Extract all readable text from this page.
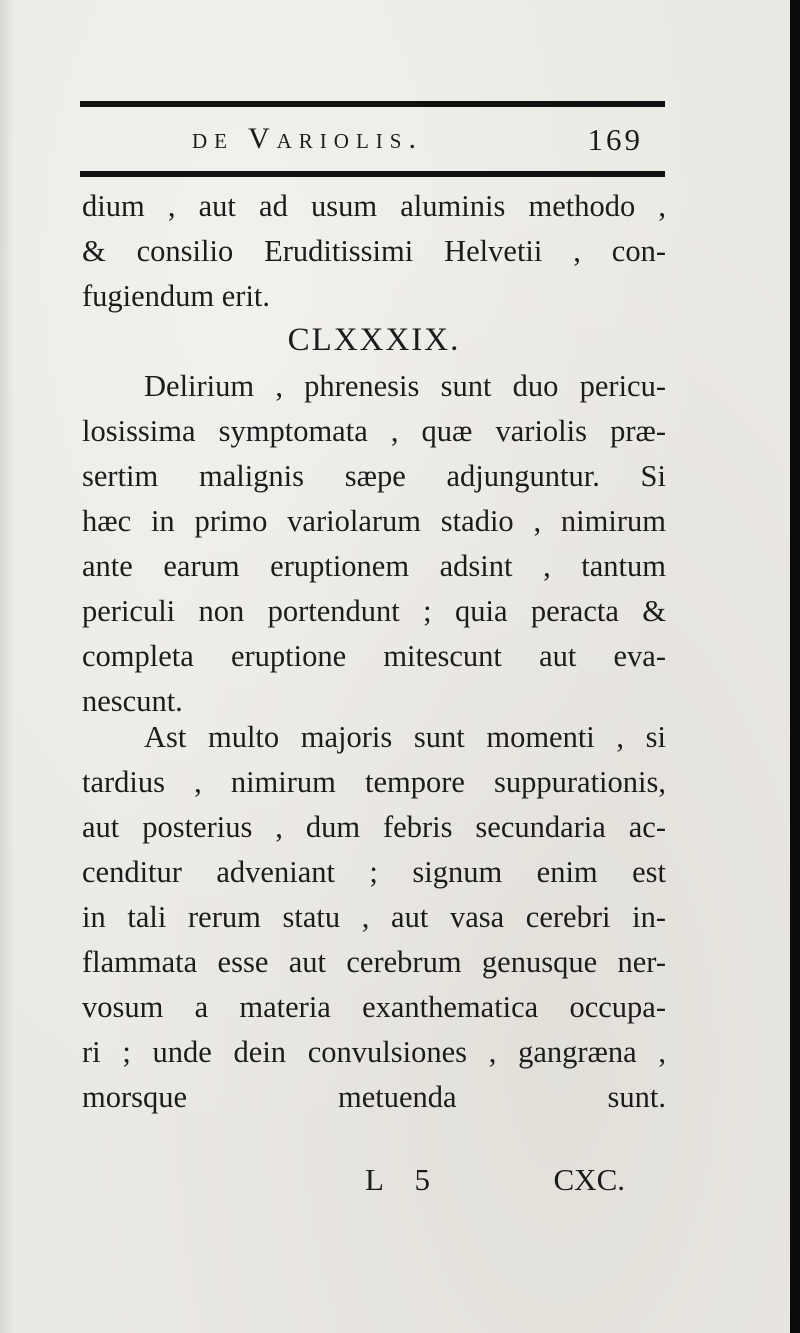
de Variolis.	169
dium , aut ad usum aluminis methodo ,
& consilio Eruditissimi Helvetii , con-
fugiendum erit.
CLXXXIX.
Delirium , phrenesis sunt duo pericu-
losissima symptomata , quæ variolis præ-
sertim malignis sæpe adjunguntur. Si
hæc in primo variolarum stadio , nimirum
ante earum eruptionem adsint , tantum
periculi non portendunt ; quia peracta &
completa eruptione mitescunt aut eva-
nescunt.
Ast multo majoris sunt momenti , si
tardius , nimirum tempore suppurationis,
aut posterius , dum febris secundaria ac-
cenditur adveniant ; signum enim est
in tali rerum statu , aut vasa cerebri in-
flammata esse aut cerebrum genusque ner-
vosum a materia exanthematica occupa-
ri ; unde dein convulsiones , gangræna ,
morsque metuenda sunt.
L 5	CXC.
